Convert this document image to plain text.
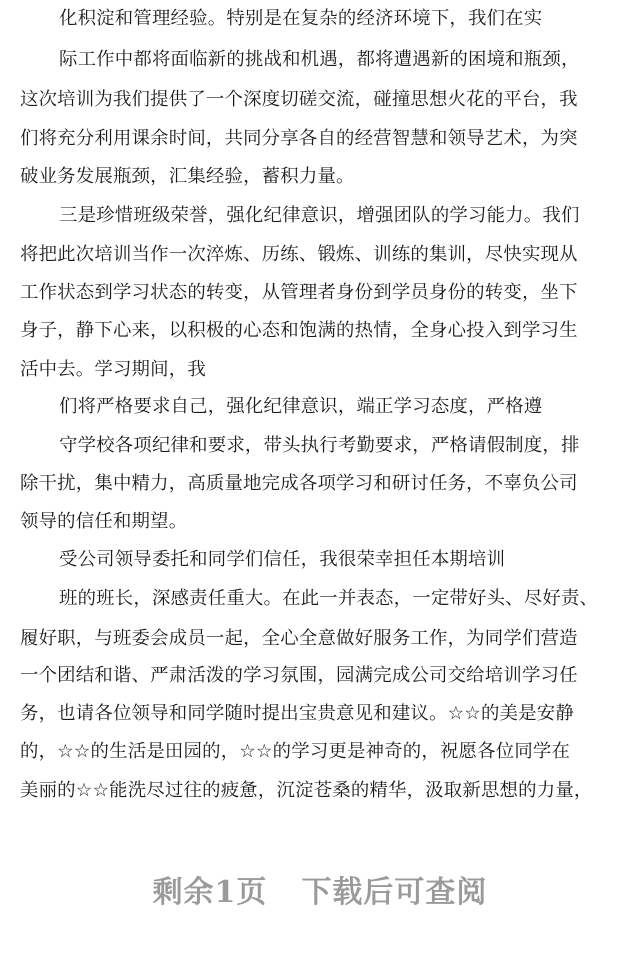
化积淀和管理经验。特别是在复杂的经济环境下，我们在实
际工作中都将面临新的挑战和机遇，都将遭遇新的困境和瓶颈，
这次培训为我们提供了一个深度切磋交流，碰撞思想火花的平台，我
们将充分利用课余时间，共同分享各自的经营智慧和领导艺术，为突
破业务发展瓶颈，汇集经验，蓄积力量。
三是珍惜班级荣誉，强化纪律意识，增强团队的学习能力。我们
将把此次培训当作一次淬炼、历练、锻炼、训练的集训，尽快实现从
工作状态到学习状态的转变，从管理者身份到学员身份的转变，坐下
身子，静下心来，以积极的心态和饱满的热情，全身心投入到学习生
活中去。学习期间，我
们将严格要求自己，强化纪律意识，端正学习态度，严格遵
守学校各项纪律和要求，带头执行考勤要求，严格请假制度，排
除干扰，集中精力，高质量地完成各项学习和研讨任务，不辜负公司
领导的信任和期望。
受公司领导委托和同学们信任，我很荣幸担任本期培训
班的班长，深感责任重大。在此一并表态，一定带好头、尽好责、
履好职，与班委会成员一起，全心全意做好服务工作，为同学们营造
一个团结和谐、严肃活泼的学习氛围，园满完成公司交给培训学习任
务，也请各位领导和同学随时提出宝贵意见和建议。☆☆的美是安静
的，☆☆的生活是田园的，☆☆的学习更是神奇的，祝愿各位同学在
美丽的☆☆能洗尽过往的疲惫，沉淀苍桑的精华，汲取新思想的力量，
剩余1页 下载后可查阅
